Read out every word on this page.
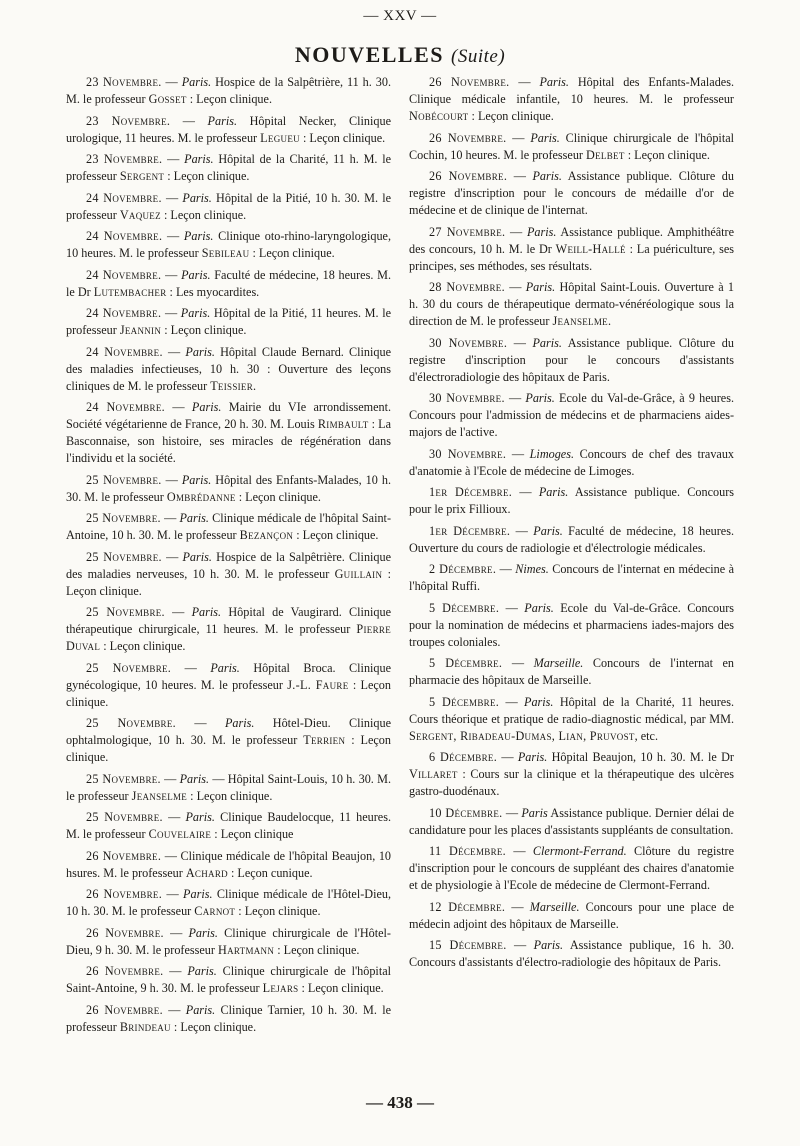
— XXV —
NOUVELLES (Suite)

23 Novembre. — Paris. Hospice de la Salpêtrière, 11 h. 30. M. le professeur Gosset : Leçon clinique.

23 Novembre. — Paris. Hôpital Necker, Clinique urologique, 11 heures. M. le professeur Legueu : Leçon clinique.

23 Novembre. — Paris. Hôpital de la Charité, 11 h. M. le professeur Sergent : Leçon clinique.

24 Novembre. — Paris. Hôpital de la Pitié, 10 h. 30. M. le professeur Vaquez : Leçon clinique.

24 Novembre. — Paris. Clinique oto-rhino-laryngologique, 10 heures. M. le professeur Sebileau : Leçon clinique.

24 Novembre. — Paris. Faculté de médecine, 18 heures. M. le Dr Lutembacher : Les myocardites.

24 Novembre. — Paris. Hôpital de la Pitié, 11 heures. M. le professeur Jeannin : Leçon clinique.

24 Novembre. — Paris. Hôpital Claude Bernard. Clinique des maladies infectieuses, 10 h. 30 : Ouverture des leçons cliniques de M. le professeur Teissier.

24 Novembre. — Paris. Mairie du VIe arrondissement. Société végétarienne de France, 20 h. 30. M. Louis Rimbault : La Basconnaise, son histoire, ses miracles de régénération dans l'individu et la société.

25 Novembre. — Paris. Hôpital des Enfants-Malades, 10 h. 30. M. le professeur Ombrédanne : Leçon clinique.

25 Novembre. — Paris. Clinique médicale de l'hôpital Saint-Antoine, 10 h. 30. M. le professeur Bezançon : Leçon clinique.

25 Novembre. — Paris. Hospice de la Salpêtrière. Clinique des maladies nerveuses, 10 h. 30. M. le professeur Guillain : Leçon clinique.

25 Novembre. — Paris. Hôpital de Vaugirard. Clinique thérapeutique chirurgicale, 11 heures. M. le professeur Pierre Duval : Leçon clinique.

25 Novembre. — Paris. Hôpital Broca. Clinique gynécologique, 10 heures. M. le professeur J.-L. Faure : Leçon clinique.

25 Novembre. — Paris. Hôtel-Dieu. Clinique ophtalmologique, 10 h. 30. M. le professeur Terrien : Leçon clinique.

25 Novembre. — Paris. — Hôpital Saint-Louis, 10 h. 30. M. le professeur Jeanselme : Leçon clinique.

25 Novembre. — Paris. Clinique Baudelocque, 11 heures. M. le professeur Couvelaire : Leçon clinique

26 Novembre. — Clinique médicale de l'hôpital Beaujon, 10 hsures. M. le professeur Achard : Leçon cunique.

26 Novembre. — Paris. Clinique médicale de l'Hôtel-Dieu, 10 h. 30. M. le professeur Carnot : Leçon clinique.

26 Novembre. — Paris. Clinique chirurgicale de l'Hôtel-Dieu, 9 h. 30. M. le professeur Hartmann : Leçon clinique.

26 Novembre. — Paris. Clinique chirurgicale de l'hôpital Saint-Antoine, 9 h. 30. M. le professeur Lejars : Leçon clinique.

26 Novembre. — Paris. Clinique Tarnier, 10 h. 30. M. le professeur Brindeau : Leçon clinique.

26 Novembre. — Paris. Hôpital des Enfants-Malades. Clinique médicale infantile, 10 heures. M. le professeur Nobécourt : Leçon clinique.

26 Novembre. — Paris. Clinique chirurgicale de l'hôpital Cochin, 10 heures. M. le professeur Delbet : Leçon clinique.

26 Novembre. — Paris. Assistance publique. Clôture du registre d'inscription pour le concours de médaille d'or de médecine et de clinique de l'internat.

27 Novembre. — Paris. Assistance publique. Amphithéâtre des concours, 10 h. M. le Dr Weill-Hallé : La puériculture, ses principes, ses méthodes, ses résultats.

28 Novembre. — Paris. Hôpital Saint-Louis. Ouverture à 1 h. 30 du cours de thérapeutique dermato-vénéréologique sous la direction de M. le professeur Jeanselme.

30 Novembre. — Paris. Assistance publique. Clôture du registre d'inscription pour le concours d'assistants d'électroradiologie des hôpitaux de Paris.

30 Novembre. — Paris. Ecole du Val-de-Grâce, à 9 heures. Concours pour l'admission de médecins et de pharmaciens aides-majors de l'active.

30 Novembre. — Limoges. Concours de chef des travaux d'anatomie à l'Ecole de médecine de Limoges.

1er Décembre. — Paris. Assistance publique. Concours pour le prix Fillioux.

1er Décembre. — Paris. Faculté de médecine, 18 heures. Ouverture du cours de radiologie et d'électrologie médicales.

2 Décembre. — Nimes. Concours de l'internat en médecine à l'hôpital Ruffi.

5 Décembre. — Paris. Ecole du Val-de-Grâce. Concours pour la nomination de médecins et pharmaciens iades-majors des troupes coloniales.

5 Décembre. — Marseille. Concours de l'internat en pharmacie des hôpitaux de Marseille.

5 Décembre. — Paris. Hôpital de la Charité, 11 heures. Cours théorique et pratique de radio-diagnostic médical, par MM. Sergent, Ribadeau-Dumas, Lian, Pruvost, etc.

6 Décembre. — Paris. Hôpital Beaujon, 10 h. 30. M. le Dr Villaret : Cours sur la clinique et la thérapeutique des ulcères gastro-duodénaux.

10 Décembre. — Paris Assistance publique. Dernier délai de candidature pour les places d'assistants suppléants de consultation.

11 Décembre. — Clermont-Ferrand. Clôture du registre d'inscription pour le concours de suppléant des chaires d'anatomie et de physiologie à l'Ecole de médecine de Clermont-Ferrand.

12 Décembre. — Marseille. Concours pour une place de médecin adjoint des hôpitaux de Marseille.

15 Décembre. — Paris. Assistance publique, 16 h. 30. Concours d'assistants d'électro-radiologie des hôpitaux de Paris.

— 438 —
